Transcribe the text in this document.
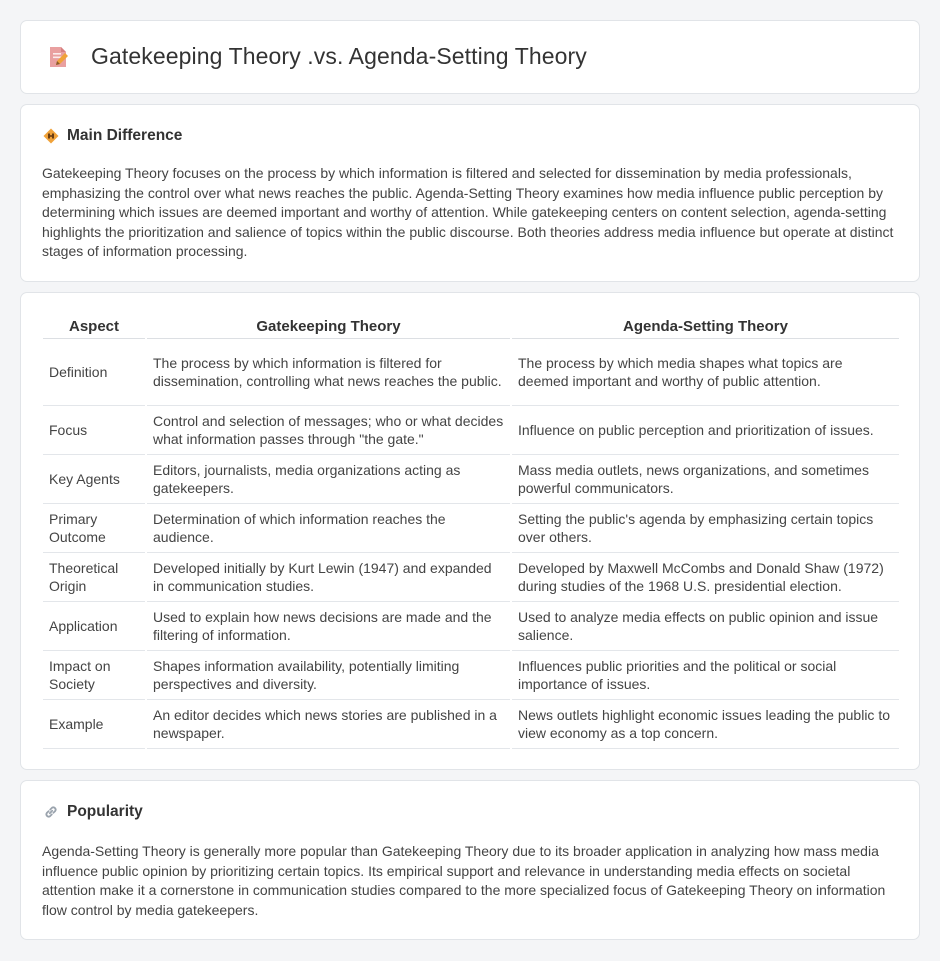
Gatekeeping Theory .vs. Agenda-Setting Theory
Main Difference

Gatekeeping Theory focuses on the process by which information is filtered and selected for dissemination by media professionals, emphasizing the control over what news reaches the public. Agenda-Setting Theory examines how media influence public perception by determining which issues are deemed important and worthy of attention. While gatekeeping centers on content selection, agenda-setting highlights the prioritization and salience of topics within the public discourse. Both theories address media influence but operate at distinct stages of information processing.

Aspect	Gatekeeping Theory	Agenda-Setting Theory
Definition	The process by which information is filtered for dissemination, controlling what news reaches the public.	The process by which media shapes what topics are deemed important and worthy of public attention.
Focus	Control and selection of messages; who or what decides what information passes through "the gate."	Influence on public perception and prioritization of issues.
Key Agents	Editors, journalists, media organizations acting as gatekeepers.	Mass media outlets, news organizations, and sometimes powerful communicators.
Primary Outcome	Determination of which information reaches the audience.	Setting the public's agenda by emphasizing certain topics over others.
Theoretical Origin	Developed initially by Kurt Lewin (1947) and expanded in communication studies.	Developed by Maxwell McCombs and Donald Shaw (1972) during studies of the 1968 U.S. presidential election.
Application	Used to explain how news decisions are made and the filtering of information.	Used to analyze media effects on public opinion and issue salience.
Impact on Society	Shapes information availability, potentially limiting perspectives and diversity.	Influences public priorities and the political or social importance of issues.
Example	An editor decides which news stories are published in a newspaper.	News outlets highlight economic issues leading the public to view economy as a top concern.
Popularity

Agenda-Setting Theory is generally more popular than Gatekeeping Theory due to its broader application in analyzing how mass media influence public opinion by prioritizing certain topics. Its empirical support and relevance in understanding media effects on societal attention make it a cornerstone in communication studies compared to the more specialized focus of Gatekeeping Theory on information flow control by media gatekeepers.
